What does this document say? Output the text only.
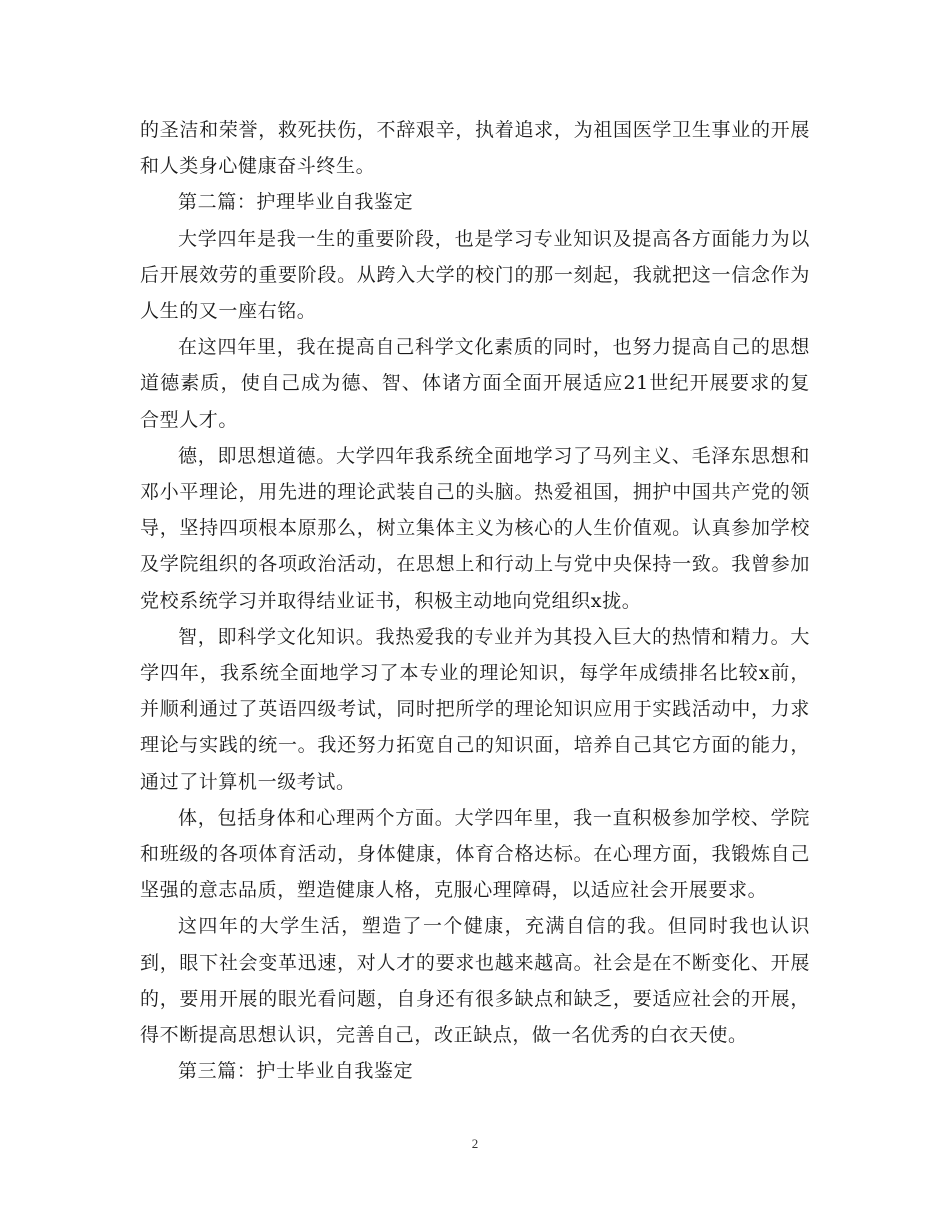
的圣洁和荣誉，救死扶伤，不辞艰辛，执着追求，为祖国医学卫生事业的开展和人类身心健康奋斗终生。

第二篇：护理毕业自我鉴定

大学四年是我一生的重要阶段，也是学习专业知识及提高各方面能力为以后开展效劳的重要阶段。从跨入大学的校门的那一刻起，我就把这一信念作为人生的又一座右铭。

在这四年里，我在提高自己科学文化素质的同时，也努力提高自己的思想道德素质，使自己成为德、智、体诸方面全面开展适应21世纪开展要求的复合型人才。

德，即思想道德。大学四年我系统全面地学习了马列主义、毛泽东思想和邓小平理论，用先进的理论武装自己的头脑。热爱祖国，拥护中国共产党的领导，坚持四项根本原那么，树立集体主义为核心的人生价值观。认真参加学校及学院组织的各项政治活动，在思想上和行动上与党中央保持一致。我曾参加党校系统学习并取得结业证书，积极主动地向党组织x拢。

智，即科学文化知识。我热爱我的专业并为其投入巨大的热情和精力。大学四年，我系统全面地学习了本专业的理论知识，每学年成绩排名比较x前，并顺利通过了英语四级考试，同时把所学的理论知识应用于实践活动中，力求理论与实践的统一。我还努力拓宽自己的知识面，培养自己其它方面的能力，通过了计算机一级考试。

体，包括身体和心理两个方面。大学四年里，我一直积极参加学校、学院和班级的各项体育活动，身体健康，体育合格达标。在心理方面，我锻炼自己坚强的意志品质，塑造健康人格，克服心理障碍，以适应社会开展要求。

这四年的大学生活，塑造了一个健康，充满自信的我。但同时我也认识到，眼下社会变革迅速，对人才的要求也越来越高。社会是在不断变化、开展的，要用开展的眼光看问题，自身还有很多缺点和缺乏，要适应社会的开展，得不断提高思想认识，完善自己，改正缺点，做一名优秀的白衣天使。

第三篇：护士毕业自我鉴定

2
